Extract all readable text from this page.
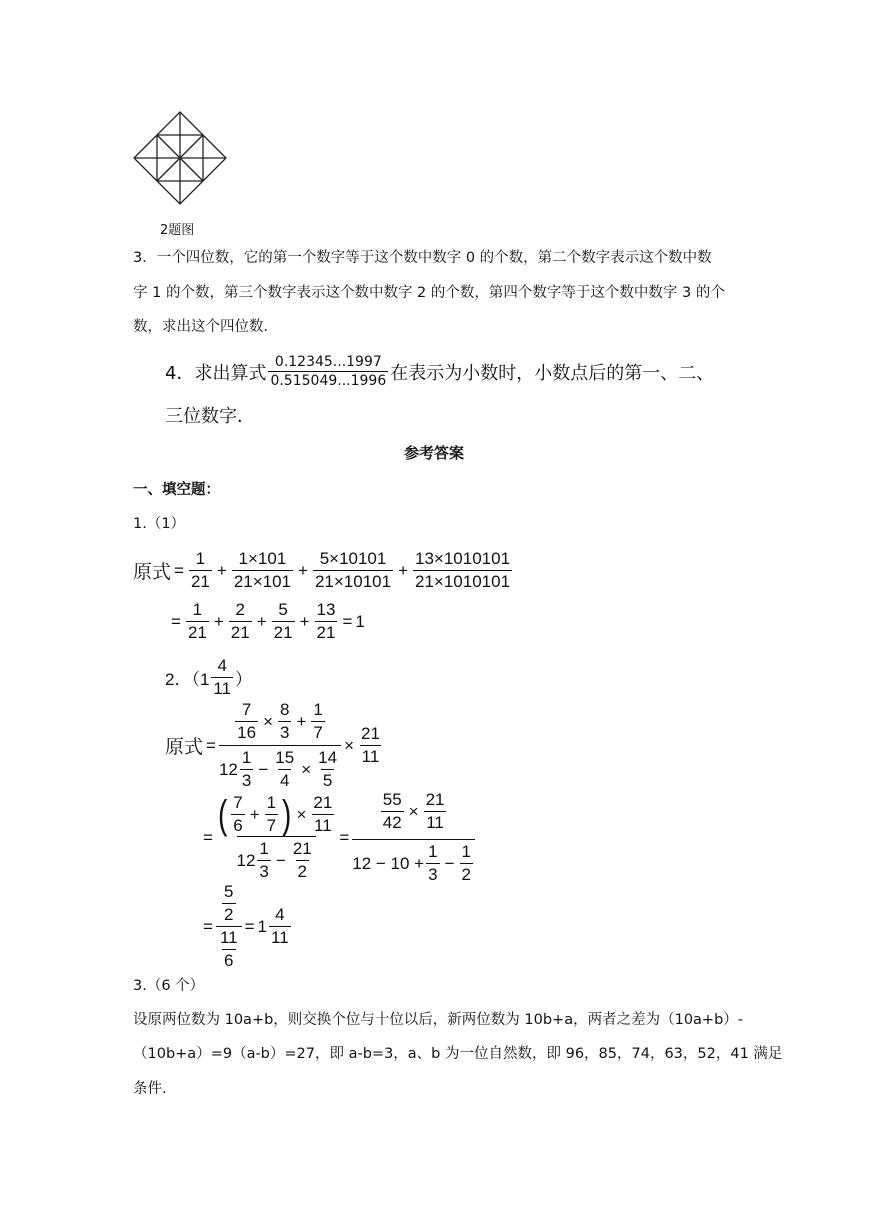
2题图
3．一个四位数，它的第一个数字等于这个数中数字 0 的个数，第二个数字表示这个数中数
字 1 的个数，第三个数字表示这个数中数字 2 的个数，第四个数字等于这个数中数字 3 的个
数，求出这个四位数．
4．求出算式 $\frac{0.12345...1997}{0.515049...1996}$ 在表示为小数时，小数点后的第一、二、
三位数字．
参考答案
一、填空题：
1.（1）
原式 = $\frac{1}{21} + \frac{1\times 101}{21\times 101} + \frac{5\times 10101}{21\times 10101} + \frac{13\times 1010101}{21\times 1010101}$
= $\frac{1}{21} + \frac{2}{21} + \frac{5}{21} + \frac{13}{21} = 1$
2．（$1 \frac{4}{11}$ ）
原式 = $\frac{\frac{7}{16} \times \frac{8}{3} + \frac{1}{7}}{12 \frac{1}{3} - \frac{15}{4} \times \frac{14}{5}} \times \frac{21}{11}$
= $\frac{( \frac{7}{6} + \frac{1}{7} ) \times \frac{21}{11}}{12 \frac{1}{3} - \frac{21}{2}} = \frac{\frac{55}{42} \times \frac{21}{11}}{12 - 10 + \frac{1}{3} - \frac{1}{2}}$
= $\frac{\frac{5}{2}}{\frac{11}{6}} = 1 \frac{4}{11}$
3.（6 个）
设原两位数为 10a+b，则交换个位与十位以后，新两位数为 10b+a，两者之差为（10a+b）-
（10b+a）=9（a-b）=27，即 a-b=3，a、b 为一位自然数，即 96，85，74，63，52，41 满足
条件.
